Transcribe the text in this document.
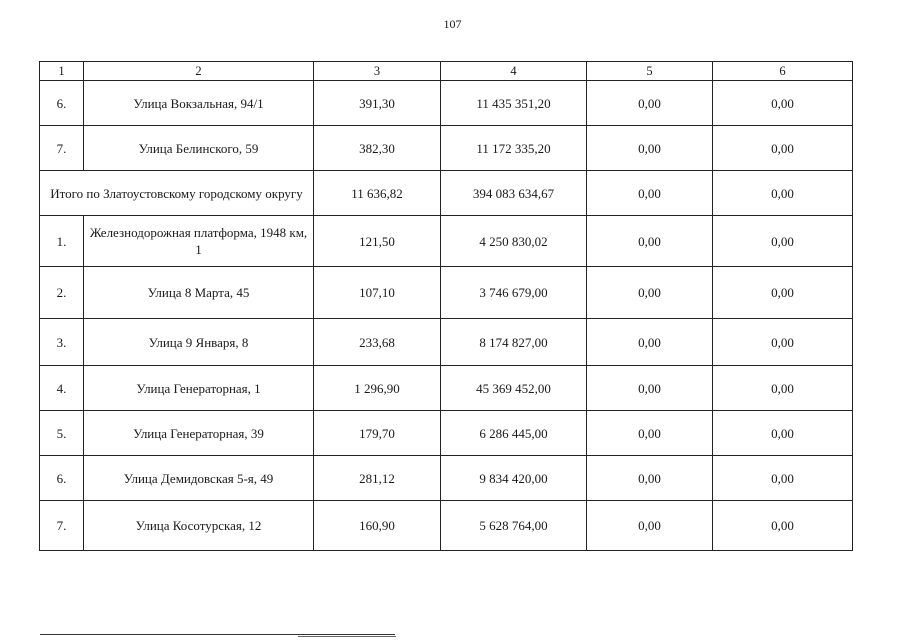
107
1	2	3	4	5	6
6.	Улица Вокзальная, 94/1	391,30	11 435 351,20	0,00	0,00
7.	Улица Белинского, 59	382,30	11 172 335,20	0,00	0,00
Итого по Златоустовскому городскому округу		11 636,82	394 083 634,67	0,00	0,00
1.	Железнодорожная платформа, 1948 км, 1	121,50	4 250 830,02	0,00	0,00
2.	Улица 8 Марта, 45	107,10	3 746 679,00	0,00	0,00
3.	Улица 9 Января, 8	233,68	8 174 827,00	0,00	0,00
4.	Улица Генераторная, 1	1 296,90	45 369 452,00	0,00	0,00
5.	Улица Генераторная, 39	179,70	6 286 445,00	0,00	0,00
6.	Улица Демидовская 5-я, 49	281,12	9 834 420,00	0,00	0,00
7.	Улица Косотурская, 12	160,90	5 628 764,00	0,00	0,00
